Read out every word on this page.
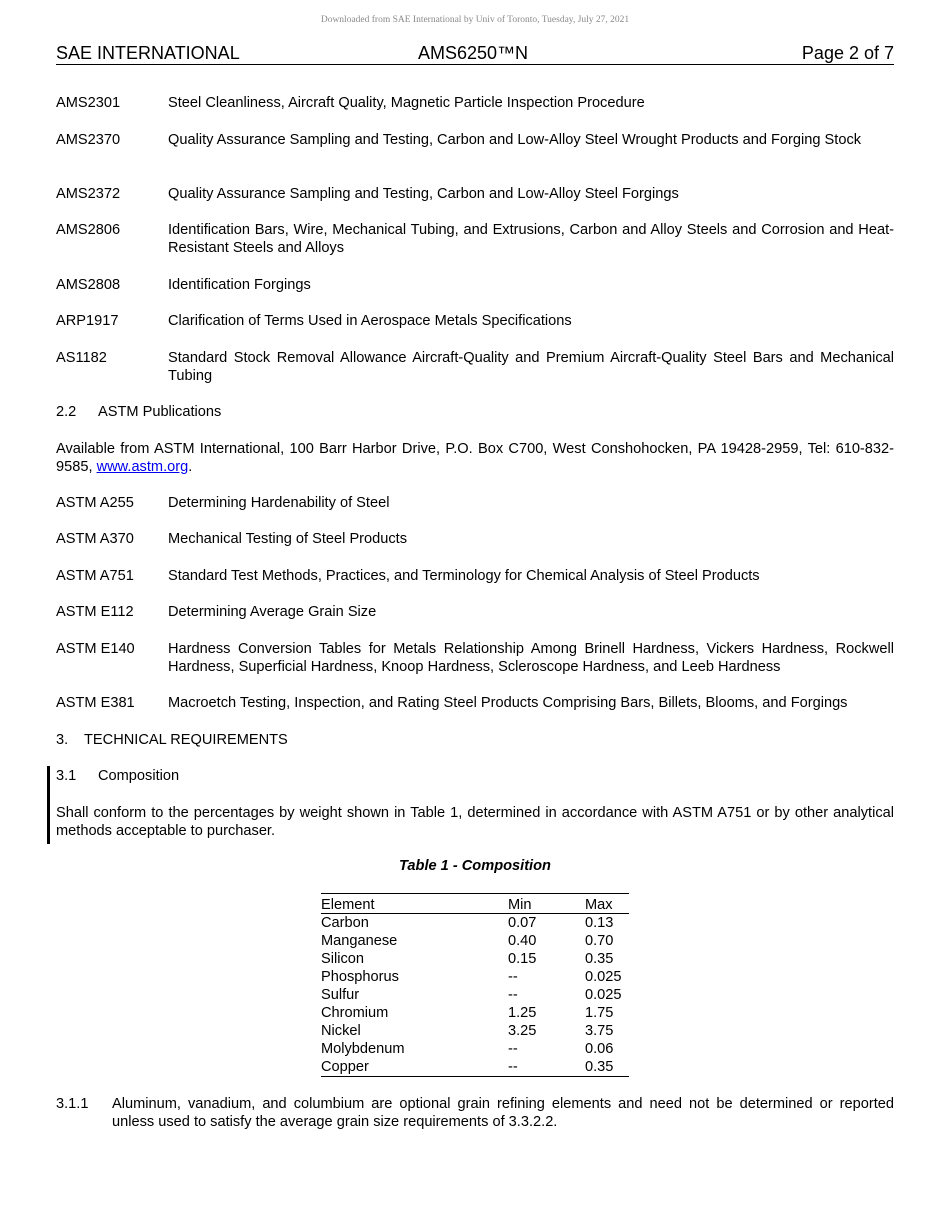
Downloaded from SAE International by Univ of Toronto, Tuesday, July 27, 2021
SAE INTERNATIONAL	AMS6250™N	Page 2 of 7
AMS2301	Steel Cleanliness, Aircraft Quality, Magnetic Particle Inspection Procedure
AMS2370	Quality Assurance Sampling and Testing, Carbon and Low-Alloy Steel Wrought Products and Forging Stock
AMS2372	Quality Assurance Sampling and Testing, Carbon and Low-Alloy Steel Forgings
AMS2806	Identification Bars, Wire, Mechanical Tubing, and Extrusions, Carbon and Alloy Steels and Corrosion and Heat-Resistant Steels and Alloys
AMS2808	Identification Forgings
ARP1917	Clarification of Terms Used in Aerospace Metals Specifications
AS1182	Standard Stock Removal Allowance Aircraft-Quality and Premium Aircraft-Quality Steel Bars and Mechanical Tubing
2.2 ASTM Publications
Available from ASTM International, 100 Barr Harbor Drive, P.O. Box C700, West Conshohocken, PA 19428-2959, Tel: 610-832-9585, www.astm.org.
ASTM A255 Determining Hardenability of Steel
ASTM A370 Mechanical Testing of Steel Products
ASTM A751 Standard Test Methods, Practices, and Terminology for Chemical Analysis of Steel Products
ASTM E112 Determining Average Grain Size
ASTM E140 Hardness Conversion Tables for Metals Relationship Among Brinell Hardness, Vickers Hardness, Rockwell Hardness, Superficial Hardness, Knoop Hardness, Scleroscope Hardness, and Leeb Hardness
ASTM E381 Macroetch Testing, Inspection, and Rating Steel Products Comprising Bars, Billets, Blooms, and Forgings
3. TECHNICAL REQUIREMENTS
3.1 Composition
Shall conform to the percentages by weight shown in Table 1, determined in accordance with ASTM A751 or by other analytical methods acceptable to purchaser.
Table 1 - Composition
Element	Min	Max
Carbon	0.07	0.13
Manganese	0.40	0.70
Silicon	0.15	0.35
Phosphorus	--	0.025
Sulfur	--	0.025
Chromium	1.25	1.75
Nickel	3.25	3.75
Molybdenum	--	0.06
Copper	--	0.35
3.1.1 Aluminum, vanadium, and columbium are optional grain refining elements and need not be determined or reported unless used to satisfy the average grain size requirements of 3.3.2.2.
